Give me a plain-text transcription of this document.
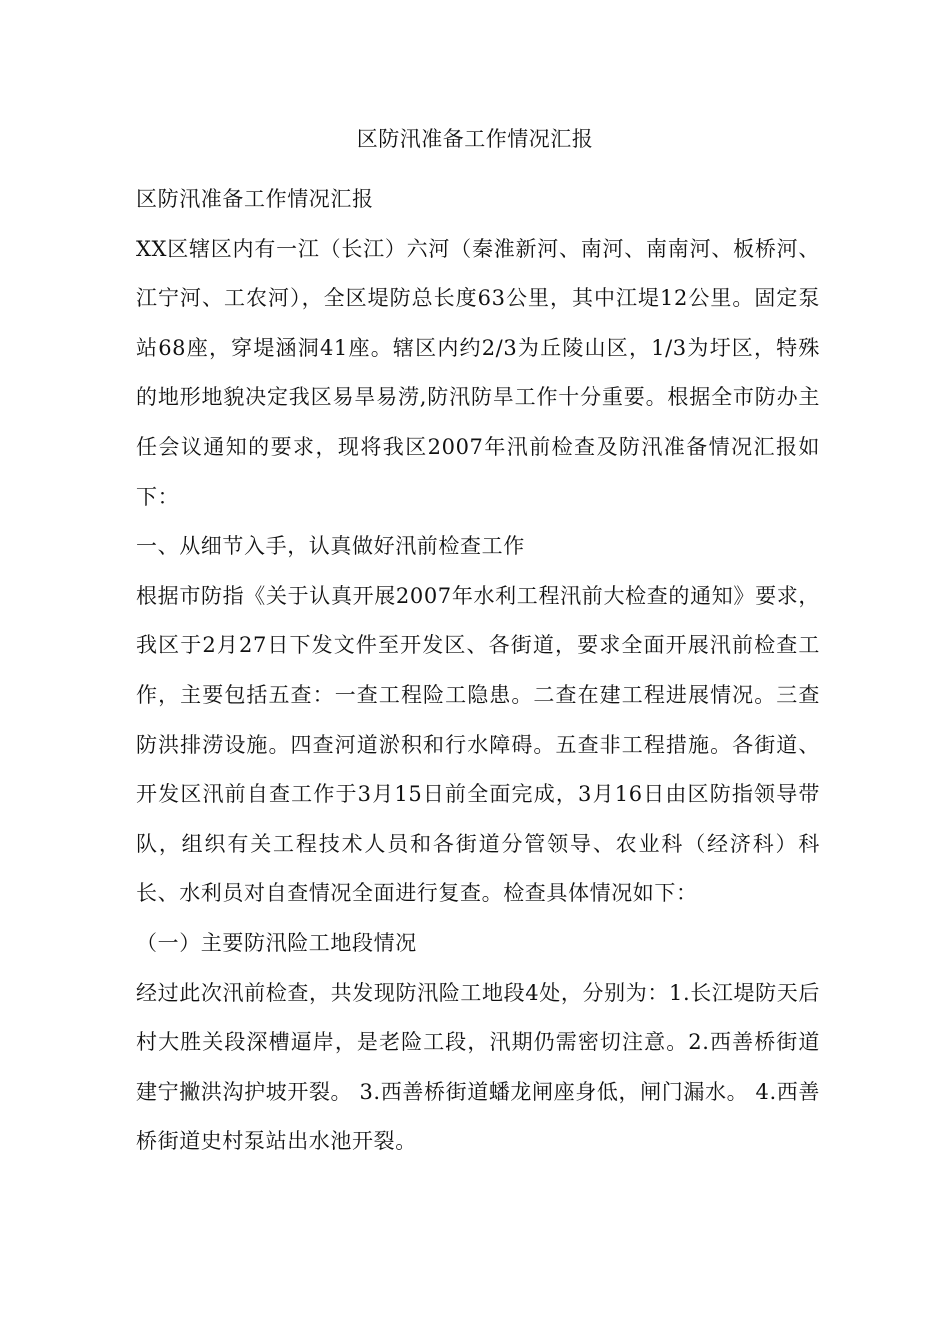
区防汛准备工作情况汇报

区防汛准备工作情况汇报

XX区辖区内有一江（长江）六河（秦淮新河、南河、南南河、板桥河、江宁河、工农河），全区堤防总长度63公里，其中江堤12公里。固定泵站68座，穿堤涵洞41座。辖区内约2/3为丘陵山区，1/3为圩区，特殊的地形地貌决定我区易旱易涝,防汛防旱工作十分重要。根据全市防办主任会议通知的要求，现将我区2007年汛前检查及防汛准备情况汇报如下：

一、从细节入手，认真做好汛前检查工作

根据市防指《关于认真开展2007年水利工程汛前大检查的通知》要求，我区于2月27日下发文件至开发区、各街道，要求全面开展汛前检查工作，主要包括五查：一查工程险工隐患。二查在建工程进展情况。三查防洪排涝设施。四查河道淤积和行水障碍。五查非工程措施。各街道、开发区汛前自查工作于3月15日前全面完成，3月16日由区防指领导带队，组织有关工程技术人员和各街道分管领导、农业科（经济科）科长、水利员对自查情况全面进行复查。检查具体情况如下：

（一）主要防汛险工地段情况

经过此次汛前检查，共发现防汛险工地段4处，分别为：1.长江堤防天后村大胜关段深槽逼岸，是老险工段，汛期仍需密切注意。2.西善桥街道建宁撇洪沟护坡开裂。 3.西善桥街道蟠龙闸座身低，闸门漏水。 4.西善桥街道史村泵站出水池开裂。
